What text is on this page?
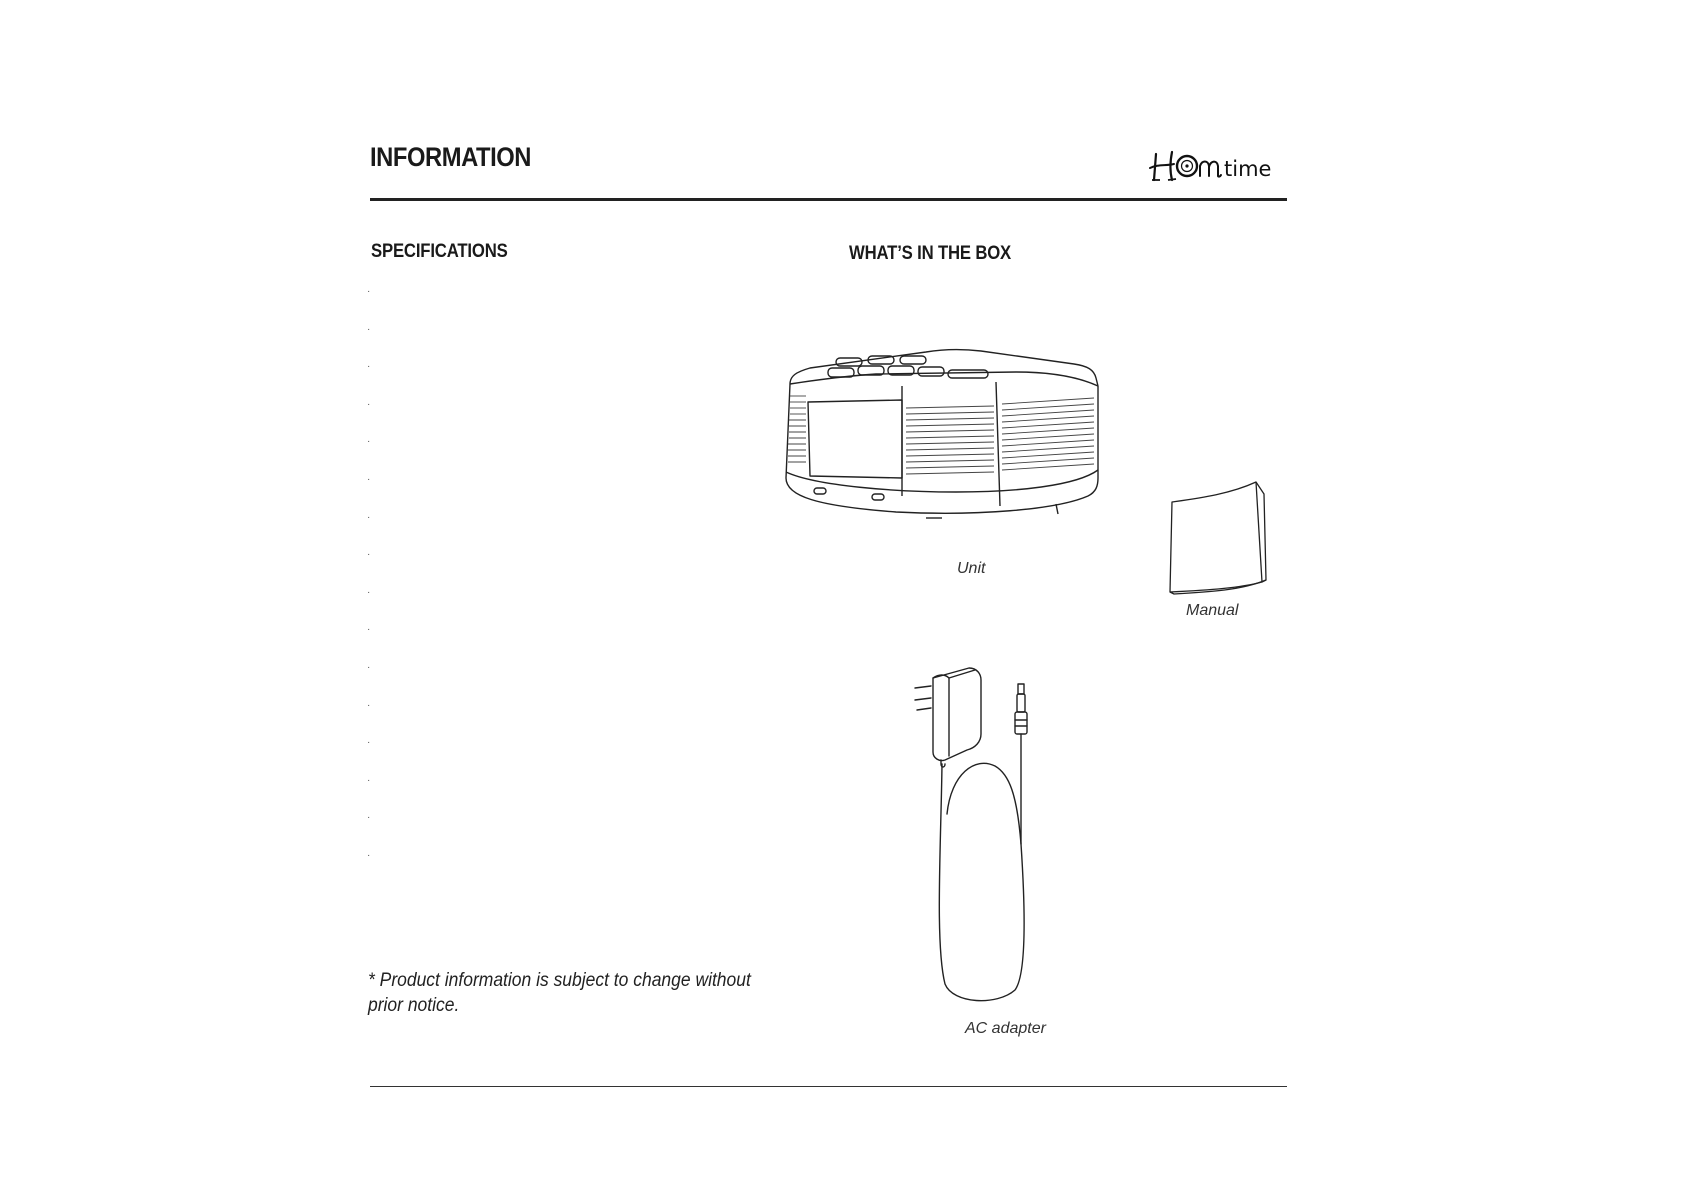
INFORMATION	time
SPECIFICATIONS
·
·
·
·
·
·
·
·
·
·
·
·
·
·
·
·

* Product information is subject to change without prior notice.

WHAT’S IN THE BOX
Unit
Manual
AC adapter
